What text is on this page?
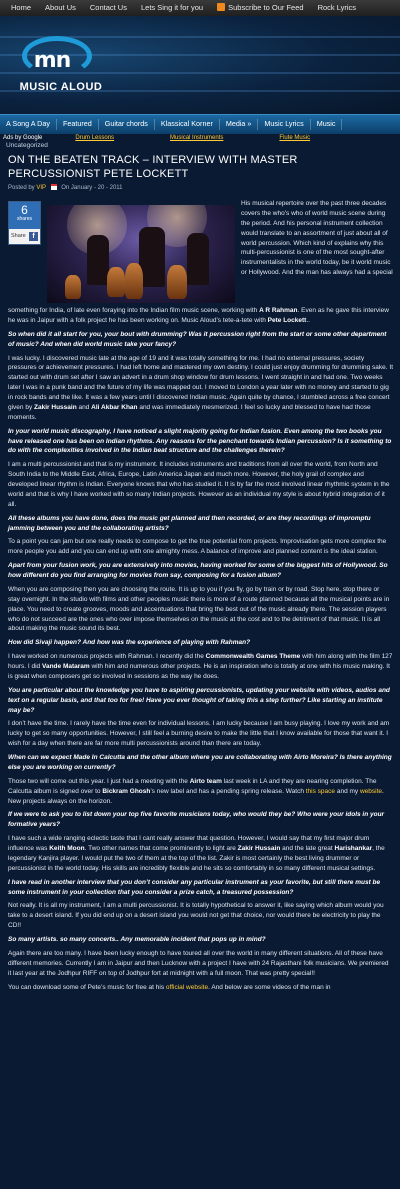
Home	About Us	Contact Us	Lets Sing it for you	Subscribe to Our Feed	Rock Lyrics
mn
MUSIC ALOUD
A Song A Day	Featured	Guitar chords	Klassical Korner	Media »	Music Lyrics	Music
Ads by Google	Drum Lessons	Musical Instruments	Flute Music
Uncategorized
ON THE BEATEN TRACK – INTERVIEW WITH MASTER PERCUSSIONIST PETE LOCKETT
Posted by VIP	On January - 20 - 2011
6
shares
Share f
His musical repertoire over the past three decades covers the who’s who of world music scene during the period. And his personal instrument collection would translate to an assortment of just about all of world percussion. Which kind of explains why this multi-percussionist is one of the most sought-after instrumentalists in the world today, be it world music or Hollywood. And the man has always had a special

something for India, of late even foraying into the Indian film music scene, working with A R Rahman. Even as he gave this interview he was in Jaipur with a folk project he has been working on. Music Aloud’s tete-a-tete with Pete Lockett..

So when did it all start for you, your bout with drumming? Was it percussion right from the start or some other department of music? And when did world music take your fancy?

I was lucky. I discovered music late at the age of 19 and it was totally something for me. I had no external pressures, society pressures or achievement pressures. I had left home and mastered my own destiny. I could just enjoy drumming for drumming sake. It started out with drum set after I saw an advert in a drum shop window for drum lessons. I went straight in and had one. Two weeks later I was in a punk band and the future of my life was mapped out. I moved to London a year later with no money and started to gig in rock bands and the like. It was a few years until I discovered Indian music. Again quite by chance, I stumbled across a free concert given by Zakir Hussain and Ali Akbar Khan and was immediately mesmerized. I feel so lucky and blessed to have had those moments.

In your world music discography, I have noticed a slight majority going for Indian fusion. Even among the two books you have released one has been on Indian rhythms. Any reasons for the penchant towards Indian percussion? Is it something to do with the complexities involved in the Indian beat structure and the challenges therein?

I am a multi percussionist and that is my instrument. It includes instruments and traditions from all over the world, from North and South India to the Middle East, Africa, Europe, Latin America Japan and much more. However, the holy grail of complex and developed linear rhythm is Indian. Everyone knows that who has studied it. It is by far the most involved linear rhythmic system in the world and that is why I have worked with so many Indian projects. However as an individual my style is about hybrid integration of it all.

All these albums you have done, does the music get planned and then recorded, or are they recordings of impromptu jamming between you and the collaborating artists?

To a point you can jam but one really needs to compose to get the true potential from projects. Improvisation gets more complex the more people you add and you can end up with one almighty mess. A balance of improve and planned content is the ideal station.

Apart from your fusion work, you are extensively into movies, having worked for some of the biggest hits of Hollywood. So how different do you find arranging for movies from say, composing for a fusion album?

When you are composing then you are choosing the route. It is up to you if you fly, go by train or by road. Stop here, stop there or stay overnight. In the studio with films and other peoples music there is more of a route planned because all the musical points are in place. You need to create grooves, moods and accentuations that bring the best out of the music already there. The session players who do not succeed are the ones who over impose themselves on the music at the cost and to the detriment of that music. It is all about making the music sound its best.

How did Sivaji happen? And how was the experience of playing with Rahman?

I have worked on numerous projects with Rahman. I recently did the Commonwealth Games Theme with him along with the film 127 hours. I did Vande Mataram with him and numerous other projects. He is an inspiration who is totally at one with his music making. It is great when composers get so involved in sessions as the way he does.

You are particular about the knowledge you have to aspiring percussionists, updating your website with videos, audios and text on a regular basis, and that too for free! Have you ever thought of taking this a step further? Like starting an institute may be?

I don’t have the time. I rarely have the time even for individual lessons. I am lucky because I am busy playing. I love my work and am lucky to get so many opportunities. However, I still feel a burning desire to make the little that I know available for those that want it. I wish for a day when there are far more multi percussionists around than there are today.

When can we expect Made In Calcutta and the other album where you are collaborating with Airto Moreira? Is there anything else you are working on currently?

Those two will come out this year. I just had a meeting with the Airto team last week in LA and they are nearing completion. The Calcutta album is signed over to Bickram Ghosh’s new label and has a pending spring release. Watch this space and my website. New projects always on the horizon.

If we were to ask you to list down your top five favorite musicians today, who would they be? Who were your idols in your formative years?

I have such a wide ranging eclectic taste that I cant really answer that question. However, I would say that my first major drum influence was Keith Moon. Two other names that come prominently to light are Zakir Hussain and the late great Harishankar, the legendary Kanjira player. I would put the two of them at the top of the list. Zakir is most certainly the best living drummer or percussionist in the world today. His skills are incredibly flexible and he sits so comfortably in so many different musical settings.

I have read in another interview that you don’t consider any particular instrument as your favorite, but still there must be some instrument in your collection that you consider a prize catch, a treasured possession?

Not really. It is all my instrument, I am a multi percussionist. It is totally hypothetical to answer it, like saying which album would you take to a desert island. If you did end up on a desert island you would not get that choice, nor would there be electricity to play the CD!!

So many artists. so many concerts.. Any memorable incident that pops up in mind?

Again there are too many. I have been lucky enough to have toured all over the world in many different situations. All of these have different memories. Currently I am in Jaipur and then Lucknow with a project I have with 24 Rajasthani folk musicians. We premiered it last year at the Jodhpur RIFF on top of Jodhpur fort at midnight with a full moon. That was pretty special!!

You can download some of Pete’s music for free at his official website. And below are some videos of the man in
